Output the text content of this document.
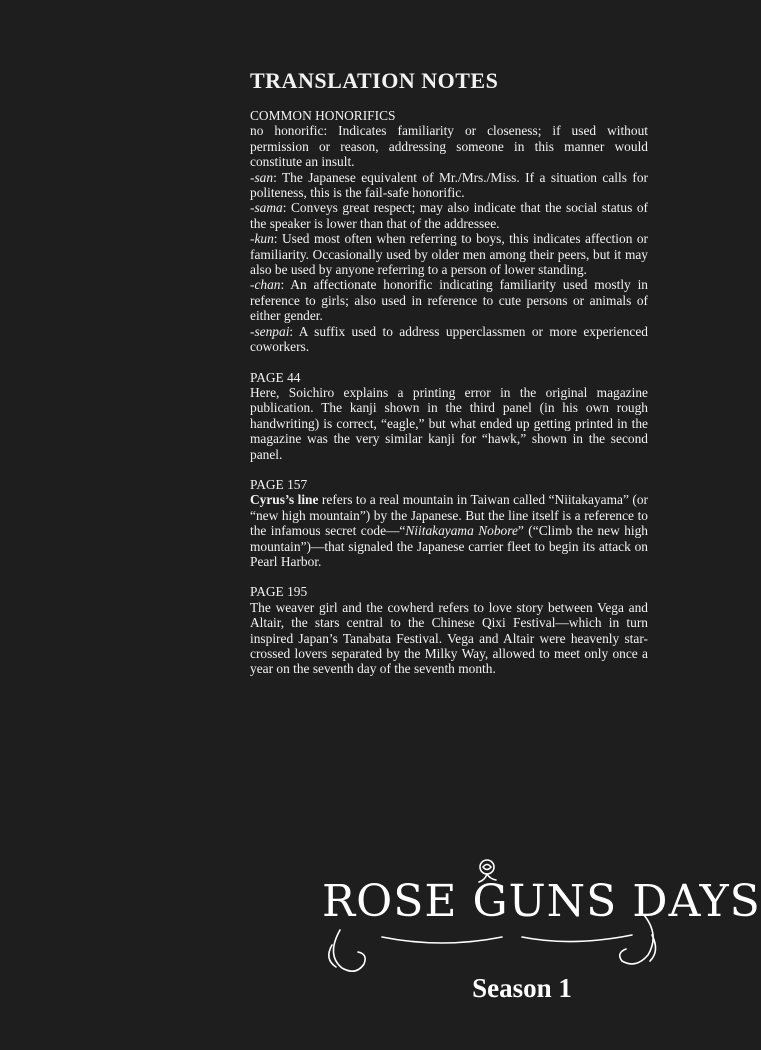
TRANSLATION NOTES
COMMON HONORIFICS

no honorific: Indicates familiarity or closeness; if used without permission or reason, addressing someone in this manner would constitute an insult.

-san: The Japanese equivalent of Mr./Mrs./Miss. If a situation calls for politeness, this is the fail-safe honorific.

-sama: Conveys great respect; may also indicate that the social status of the speaker is lower than that of the addressee.

-kun: Used most often when referring to boys, this indicates affection or familiarity. Occasionally used by older men among their peers, but it may also be used by anyone referring to a person of lower standing.

-chan: An affectionate honorific indicating familiarity used mostly in reference to girls; also used in reference to cute persons or animals of either gender.

-senpai: A suffix used to address upperclassmen or more experienced coworkers.

PAGE 44

Here, Soichiro explains a printing error in the original magazine publication. The kanji shown in the third panel (in his own rough handwriting) is correct, “eagle,” but what ended up getting printed in the magazine was the very similar kanji for “hawk,” shown in the second panel.

PAGE 157

Cyrus’s line refers to a real mountain in Taiwan called “Niitakayama” (or “new high mountain”) by the Japanese. But the line itself is a reference to the infamous secret code—“Niitakayama Nobore” (“Climb the new high mountain”)—that signaled the Japanese carrier fleet to begin its attack on Pearl Harbor.

PAGE 195

The weaver girl and the cowherd refers to love story between Vega and Altair, the stars central to the Chinese Qixi Festival—which in turn inspired Japan’s Tanabata Festival. Vega and Altair were heavenly star-crossed lovers separated by the Milky Way, allowed to meet only once a year on the seventh day of the seventh month.

ROSE GUNS DAYS
Season 1
